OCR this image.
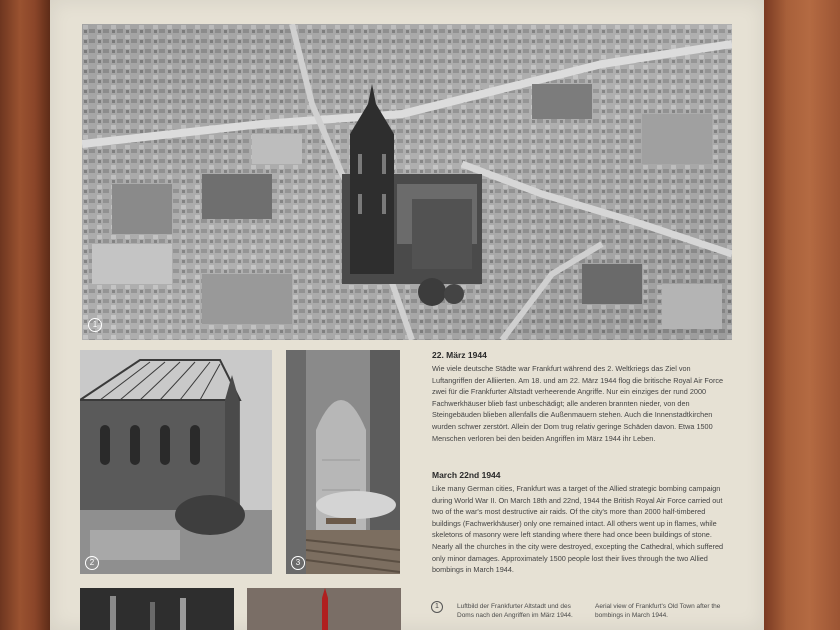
1
2	3

22. März 1944

Wie viele deutsche Städte war Frankfurt während des 2. Weltkriegs das Ziel von Luftangriffen der Alliierten. Am 18. und am 22. März 1944 flog die britische Royal Air Force zwei für die Frankfurter Altstadt verheerende Angriffe. Nur ein einziges der rund 2000 Fachwerkhäuser blieb fast unbeschädigt; alle anderen brannten nieder, von den Steingebäuden blieben allenfalls die Außenmauern stehen. Auch die Innenstadtkirchen wurden schwer zerstört. Allein der Dom trug relativ geringe Schäden davon. Etwa 1500 Menschen verloren bei den beiden Angriffen im März 1944 ihr Leben.

March 22nd 1944

Like many German cities, Frankfurt was a target of the Allied strategic bombing campaign during World War II. On March 18th and 22nd, 1944 the British Royal Air Force carried out two of the war's most destructive air raids. Of the city's more than 2000 half-timbered buildings (Fachwerkhäuser) only one remained intact. All others went up in flames, while skeletons of masonry were left standing where there had once been buildings of stone. Nearly all the churches in the city were destroyed, excepting the Cathedral, which suffered only minor damages. Approximately 1500 people lost their lives through the two Allied bombings in March 1944.

1	Luftbild der Frankfurter Altstadt und des Doms nach den Angriffen im März 1944.
Aerial view of Frankfurt's Old Town after the bombings in March 1944.
